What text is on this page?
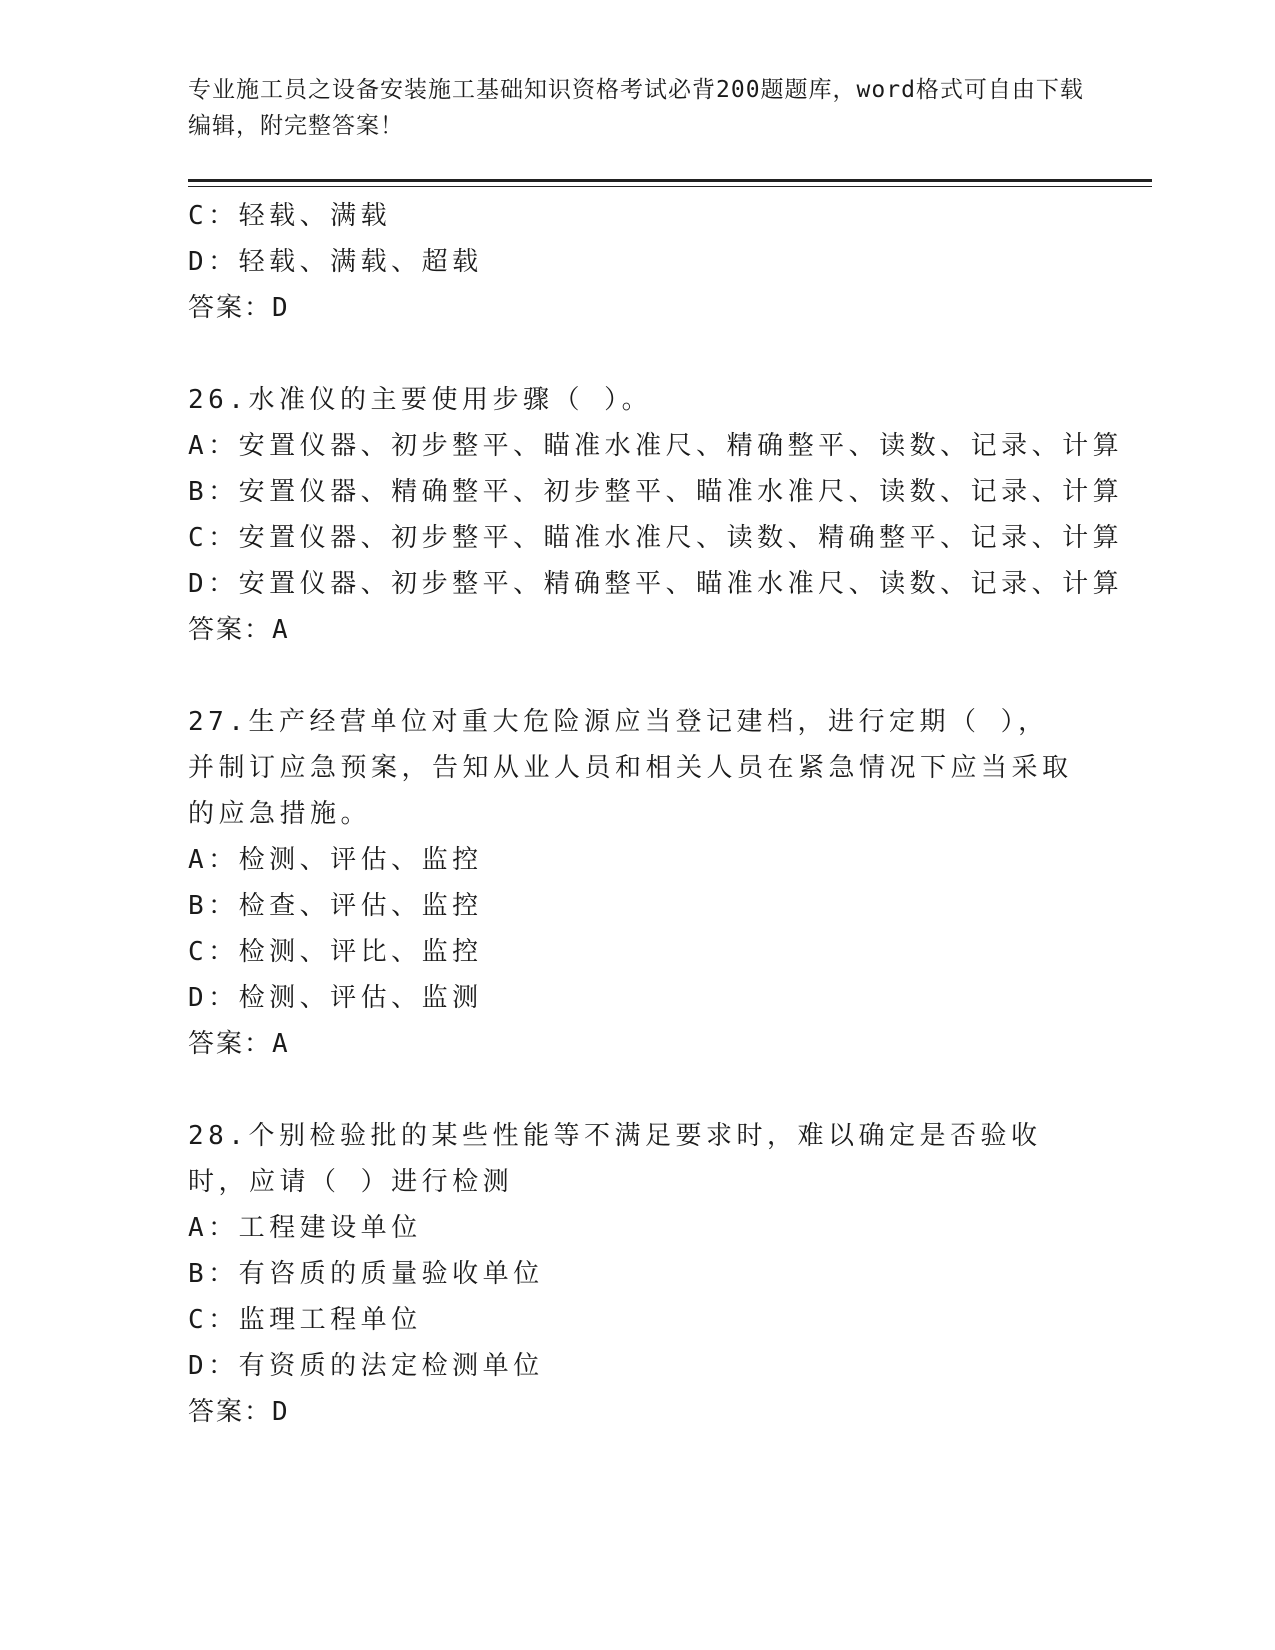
专业施工员之设备安装施工基础知识资格考试必背200题题库，word格式可自由下载编辑，附完整答案！
C：轻载、满载
D：轻载、满载、超载
答案：D
26.水准仪的主要使用步骤（ ）。
A：安置仪器、初步整平、瞄准水准尺、精确整平、读数、记录、计算
B：安置仪器、精确整平、初步整平、瞄准水准尺、读数、记录、计算
C：安置仪器、初步整平、瞄准水准尺、读数、精确整平、记录、计算
D：安置仪器、初步整平、精确整平、瞄准水准尺、读数、记录、计算
答案：A
27.生产经营单位对重大危险源应当登记建档，进行定期（ ），并制订应急预案，告知从业人员和相关人员在紧急情况下应当采取的应急措施。
A：检测、评估、监控
B：检查、评估、监控
C：检测、评比、监控
D：检测、评估、监测
答案：A
28.个别检验批的某些性能等不满足要求时，难以确定是否验收时，应请（ ）进行检测
A：工程建设单位
B：有咨质的质量验收单位
C：监理工程单位
D：有资质的法定检测单位
答案：D
